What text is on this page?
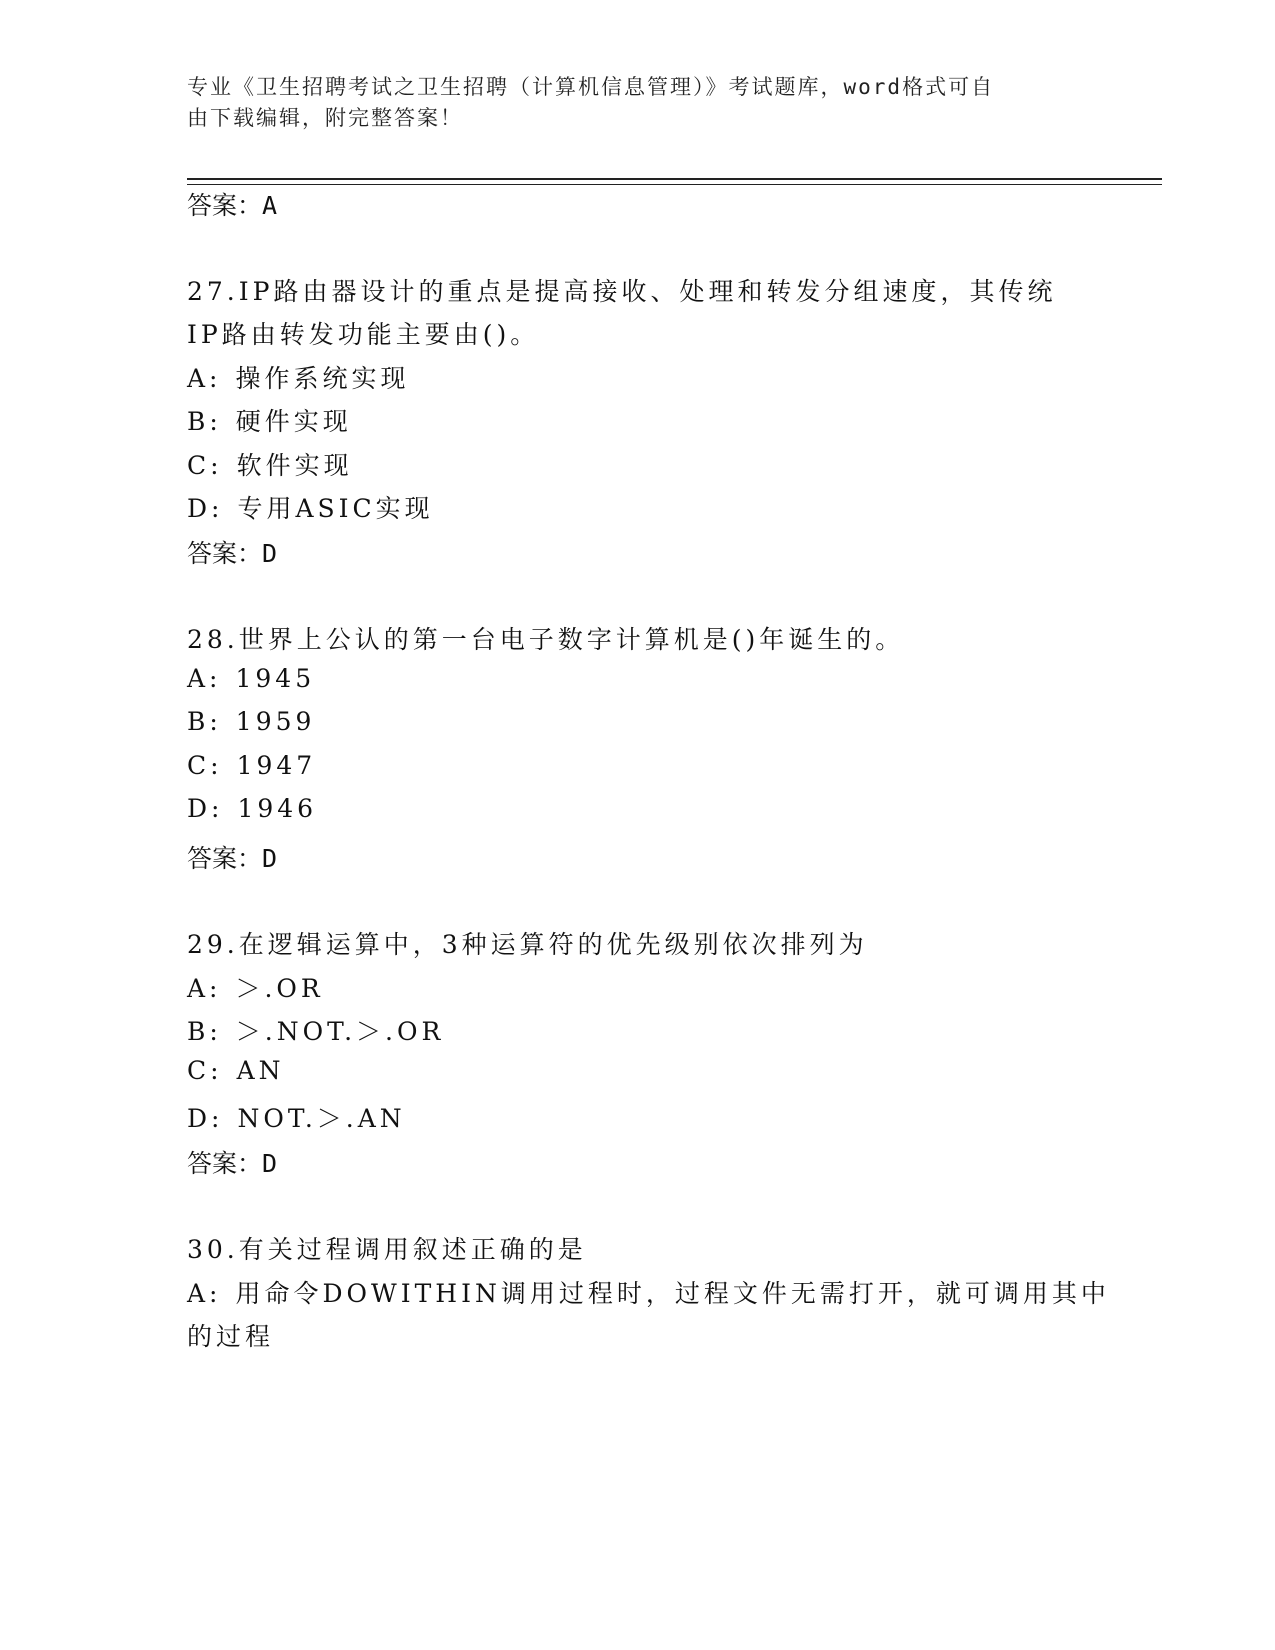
专业《卫生招聘考试之卫生招聘（计算机信息管理）》考试题库，word格式可自
由下载编辑，附完整答案！
答案：A
27.IP路由器设计的重点是提高接收、处理和转发分组速度，其传统
IP路由转发功能主要由()。
A: 操作系统实现
B: 硬件实现
C: 软件实现
D: 专用ASIC实现
答案：D
28.世界上公认的第一台电子数字计算机是()年诞生的。
A: 1945
B: 1959
C: 1947
D: 1946
答案：D
29.在逻辑运算中，3种运算符的优先级别依次排列为
A: ＞.OR
B: ＞.NOT.＞.OR
C: AN
D: NOT.＞.AN
答案：D
30.有关过程调用叙述正确的是
A: 用命令DOWITHIN调用过程时，过程文件无需打开，就可调用其中
的过程
